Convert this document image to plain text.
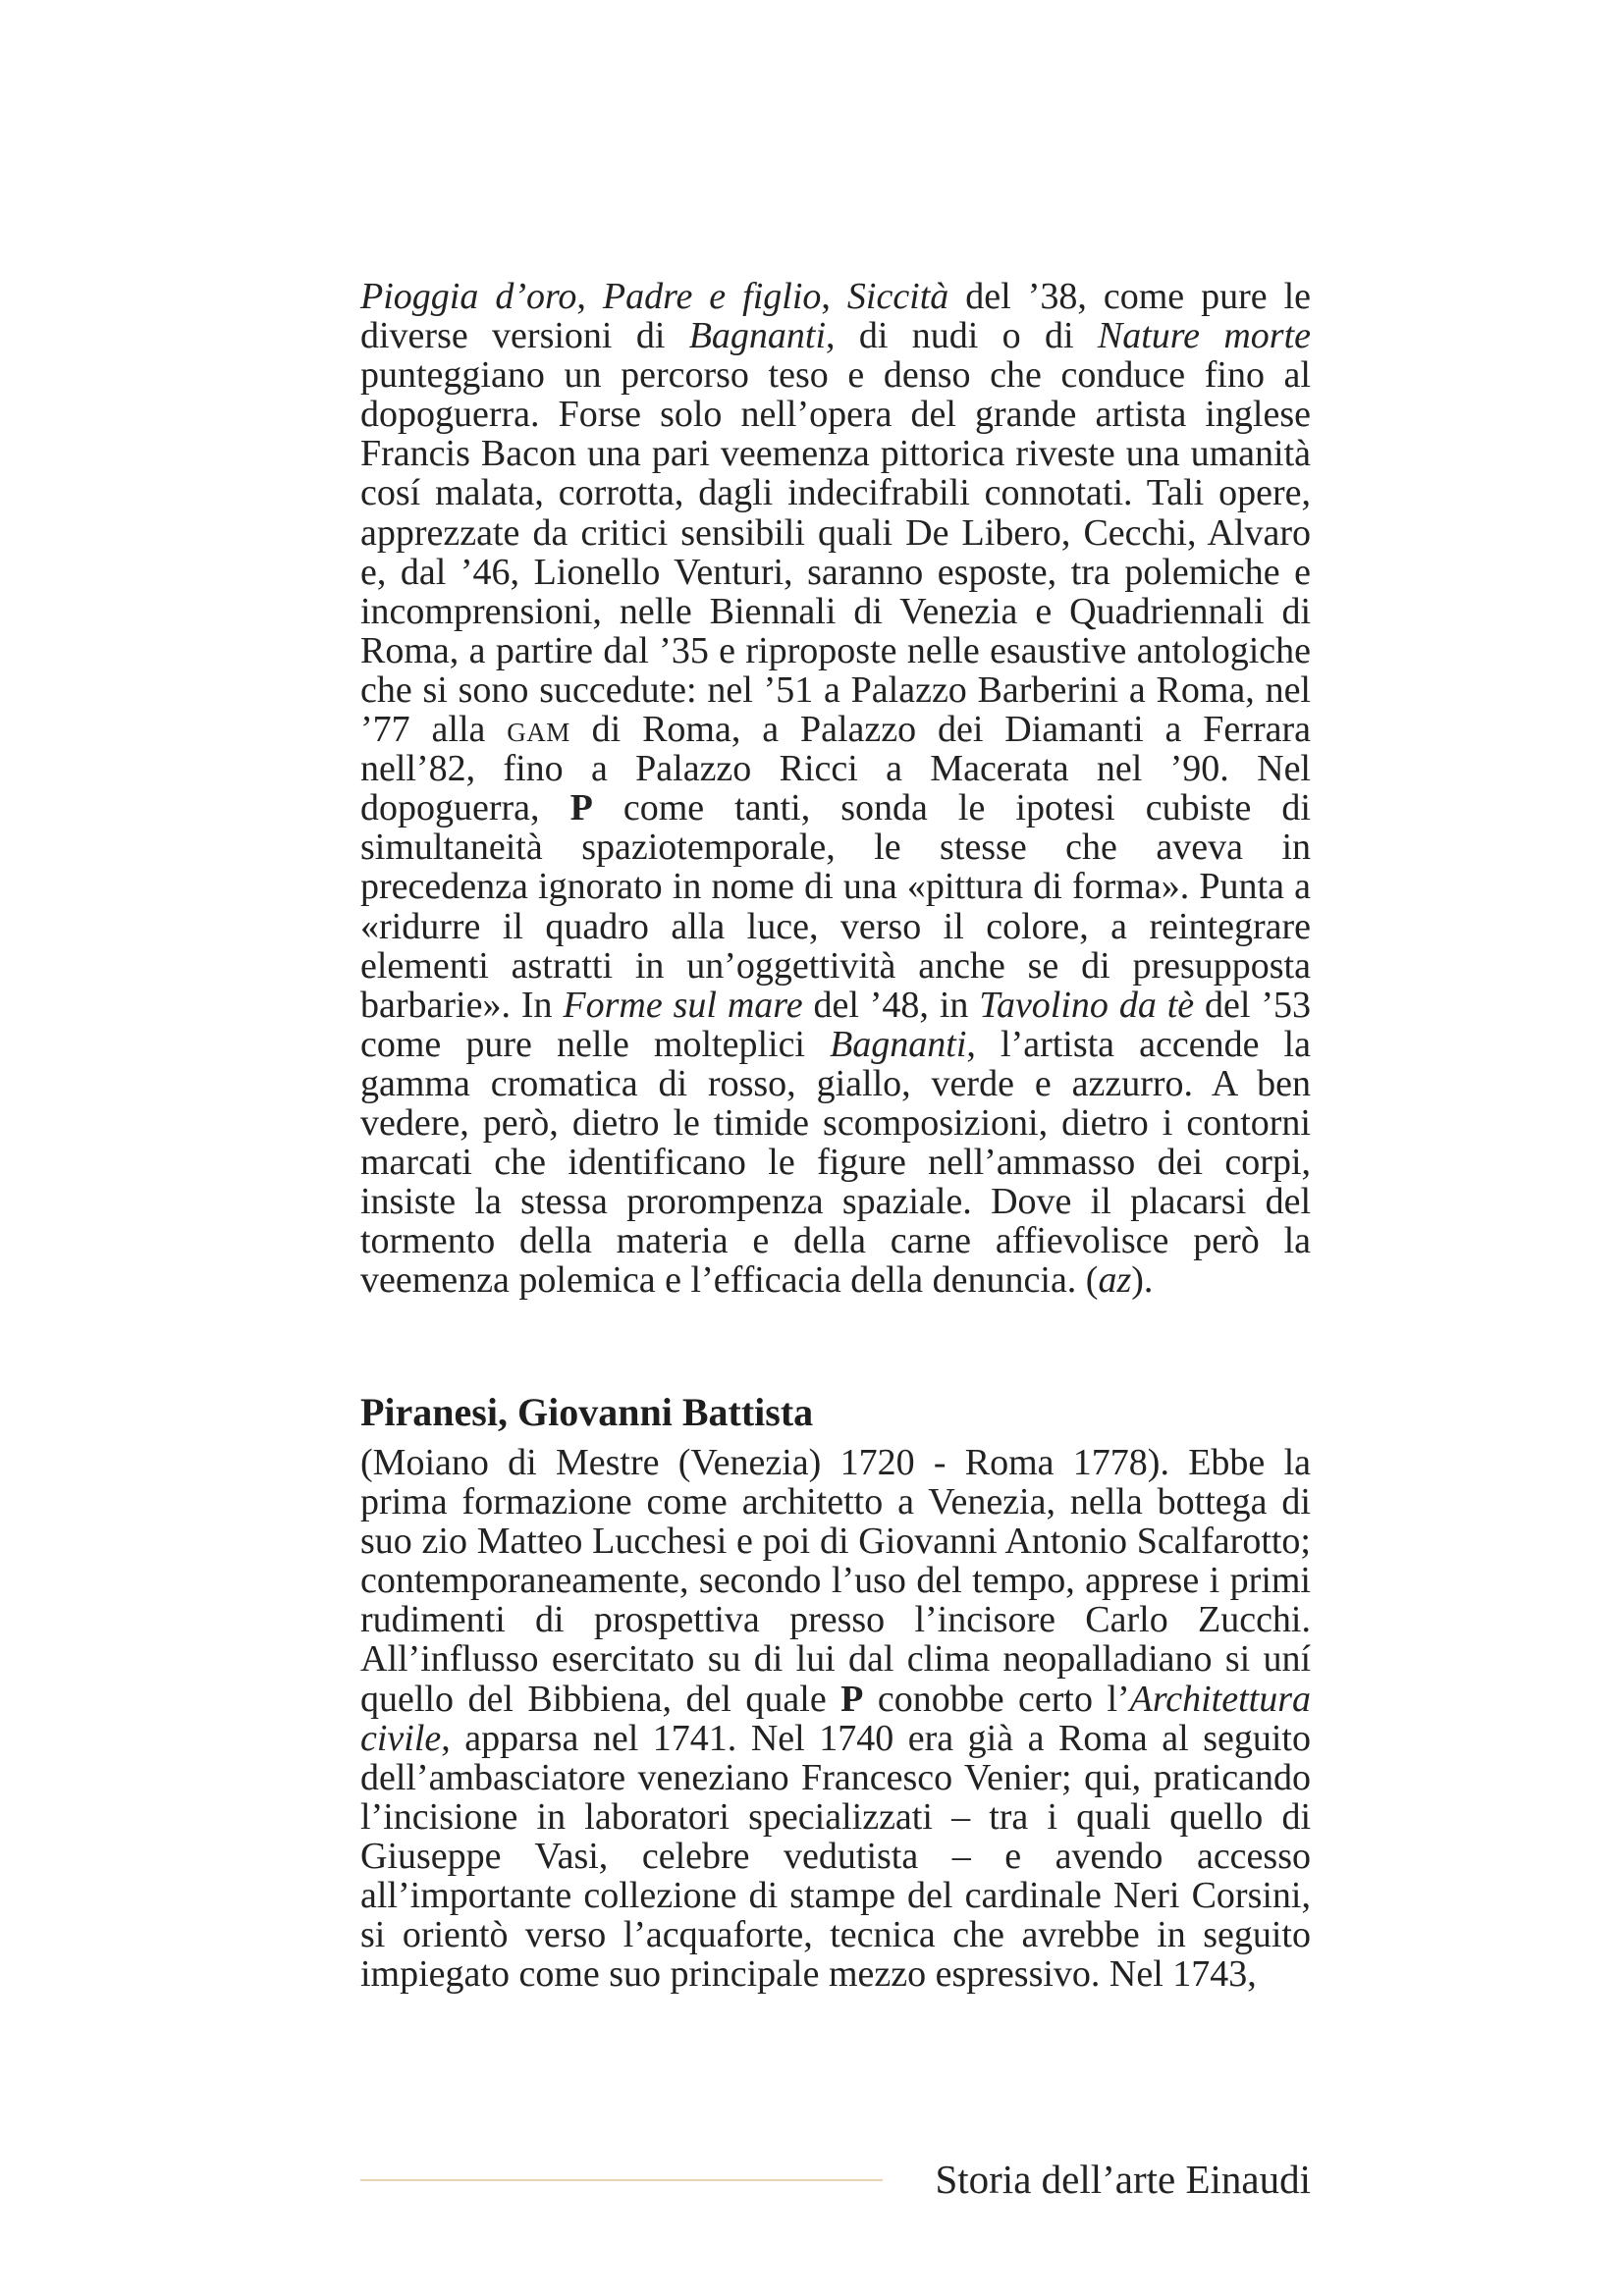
Pioggia d’oro, Padre e figlio, Siccità del ’38, come pure le diverse versioni di Bagnanti, di nudi o di Nature morte punteggiano un percorso teso e denso che conduce fino al dopoguerra. Forse solo nell’opera del grande artista inglese Francis Bacon una pari veemenza pittorica riveste una umanità cosí malata, corrotta, dagli indecifrabili connotati. Tali opere, apprezzate da critici sensibili quali De Libero, Cecchi, Alvaro e, dal ’46, Lionello Venturi, saranno esposte, tra polemiche e incomprensioni, nelle Biennali di Venezia e Quadriennali di Roma, a partire dal ’35 e riproposte nelle esaustive antologiche che si sono succedute: nel ’51 a Palazzo Barberini a Roma, nel ’77 alla gam di Roma, a Palazzo dei Diamanti a Ferrara nell’82, fino a Palazzo Ricci a Macerata nel ’90. Nel dopoguerra, P come tanti, sonda le ipotesi cubiste di simultaneità spaziotemporale, le stesse che aveva in precedenza ignorato in nome di una «pittura di forma». Punta a «ridurre il quadro alla luce, verso il colore, a reintegrare elementi astratti in un’oggettività anche se di presupposta barbarie». In Forme sul mare del ’48, in Tavolino da tè del ’53 come pure nelle molteplici Bagnanti, l’artista accende la gamma cromatica di rosso, giallo, verde e azzurro. A ben vedere, però, dietro le timide scomposizioni, dietro i contorni marcati che identificano le figure nell’ammasso dei corpi, insiste la stessa prorompenza spaziale. Dove il placarsi del tormento della materia e della carne affievolisce però la veemenza polemica e l’efficacia della denuncia. (az).

Piranesi, Giovanni Battista

(Moiano di Mestre (Venezia) 1720 - Roma 1778). Ebbe la prima formazione come architetto a Venezia, nella bottega di suo zio Matteo Lucchesi e poi di Giovanni Antonio Scalfarotto; contemporaneamente, secondo l’uso del tempo, apprese i primi rudimenti di prospettiva presso l’incisore Carlo Zucchi. All’influsso esercitato su di lui dal clima neopalladiano si uní quello del Bibbiena, del quale P conobbe certo l’Architettura civile, apparsa nel 1741. Nel 1740 era già a Roma al seguito dell’ambasciatore veneziano Francesco Venier; qui, praticando l’incisione in laboratori specializzati – tra i quali quello di Giuseppe Vasi, celebre vedutista – e avendo accesso all’importante collezione di stampe del cardinale Neri Corsini, si orientò verso l’acquaforte, tecnica che avrebbe in seguito impiegato come suo principale mezzo espressivo. Nel 1743,

Storia dell’arte Einaudi
